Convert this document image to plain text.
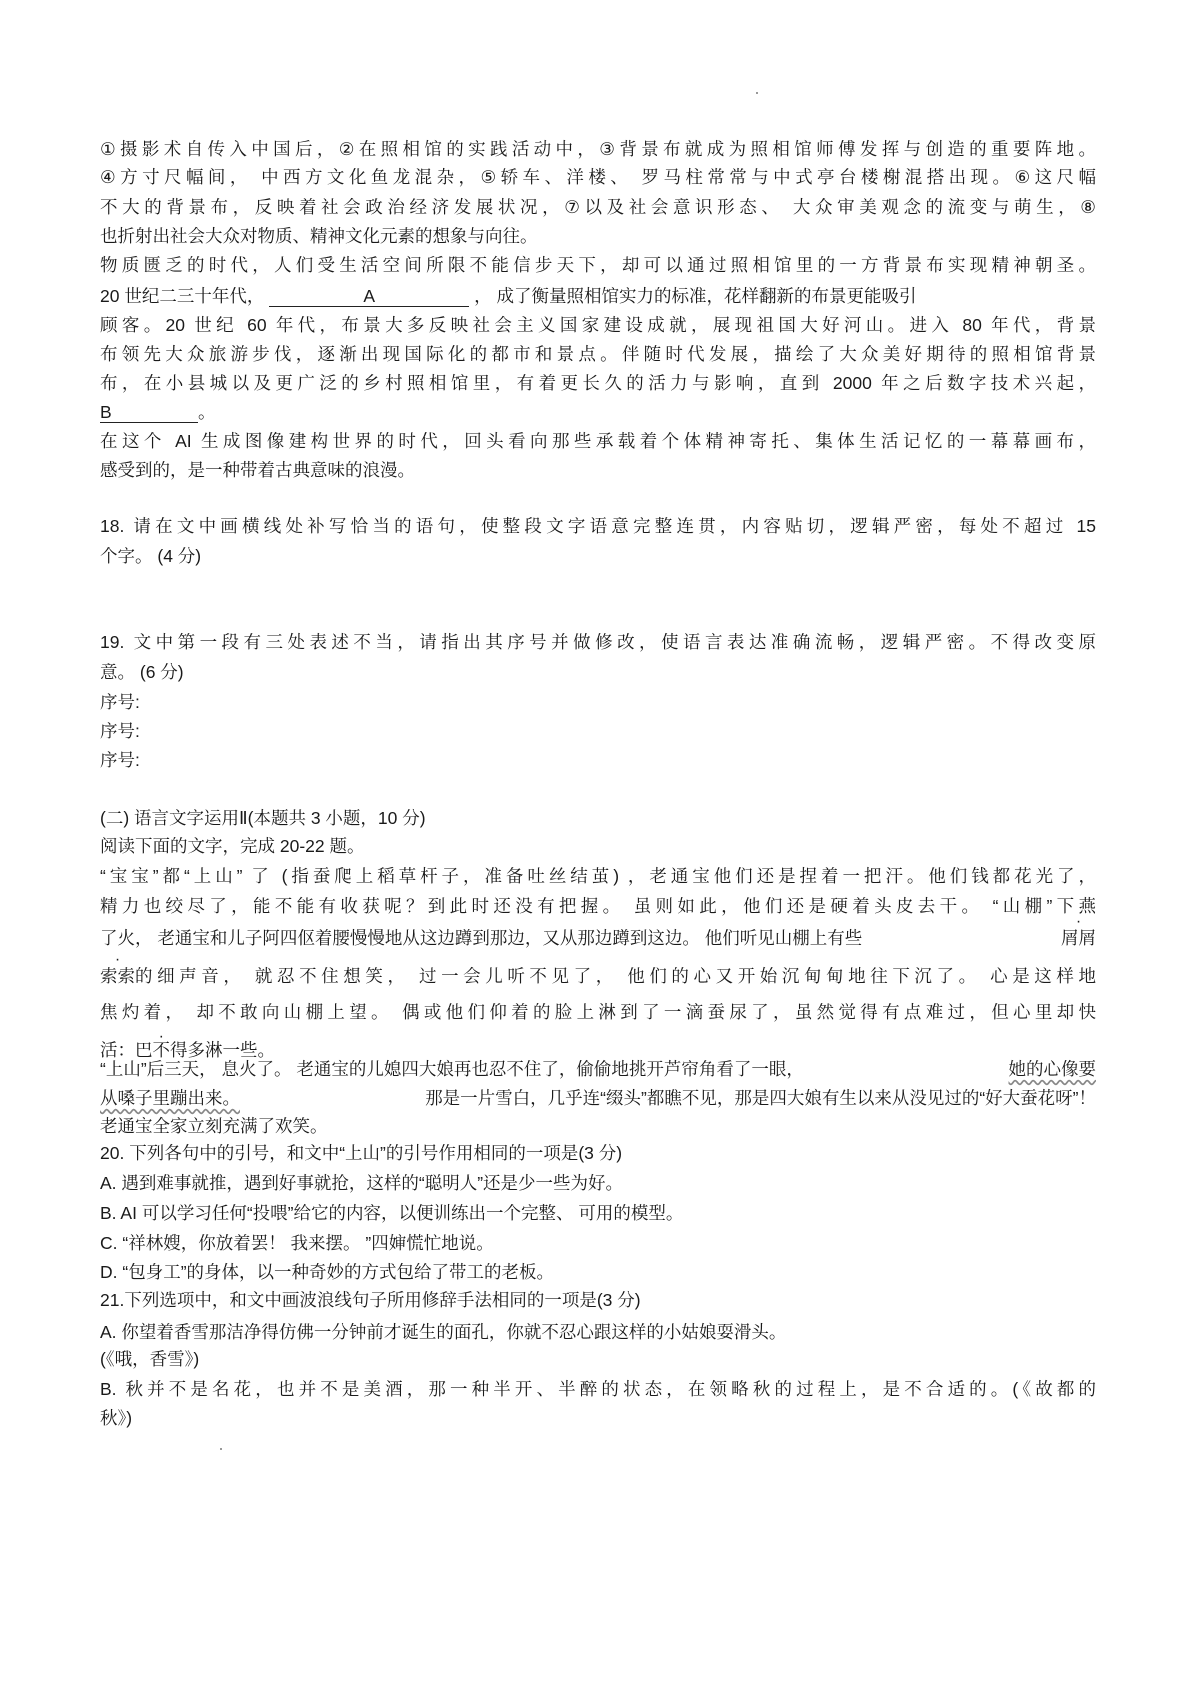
①摄影术自传入中国后，②在照相馆的实践活动中，③背景布就成为照相馆师傅发挥与创造的重要阵地。
④方寸尺幅间， 中西方文化鱼龙混杂，⑤轿车、洋楼、 罗马柱常常与中式亭台楼榭混搭出现。⑥这尺幅
不大的背景布，反映着社会政治经济发展状况，⑦以及社会意识形态、 大众审美观念的流变与萌生，⑧
也折射出社会大众对物质、精神文化元素的想象与向往。
物质匮乏的时代，人们受生活空间所限不能信步天下，却可以通过照相馆里的一方背景布实现精神朝圣。
20 世纪二三十年代，	A	， 成了衡量照相馆实力的标准，花样翻新的布景更能吸引
顾客。20 世纪 60 年代，布景大多反映社会主义国家建设成就，展现祖国大好河山。进入 80 年代，背景
布领先大众旅游步伐，逐渐出现国际化的都市和景点。伴随时代发展，描绘了大众美好期待的照相馆背景
布，在小县城以及更广泛的乡村照相馆里，有着更长久的活力与影响，直到 2000 年之后数字技术兴起，
B	。
在这个 AI 生成图像建构世界的时代，回头看向那些承载着个体精神寄托、集体生活记忆的一幕幕画布，
感受到的，是一种带着古典意味的浪漫。
18. 请在文中画横线处补写恰当的语句，使整段文字语意完整连贯，内容贴切，逻辑严密，每处不超过 15
个字。 (4 分)
19. 文中第一段有三处表述不当，请指出其序号并做修改，使语言表达准确流畅，逻辑严密。不得改变原
意。 (6 分)
序号:
序号:
序号:
(二) 语言文字运用Ⅱ(本题共 3 小题，10 分)
阅读下面的文字，完成 20-22 题。
“宝宝”都“上山” 了 (指蚕爬上稻草杆子，准备吐丝结茧) ，老通宝他们还是捏着一把汗。他们钱都花光了，
精力也绞尽了，能不能有收获呢？到此时还没有把握。 虽则如此，他们还是硬着头皮去干。 “山棚”下燕
了火， 老通宝和儿子阿四伛着腰慢慢地从这边蹲到那边，又从那边蹲到这边。 他们听见山棚上有些	· 屑屑
· 索索 的细声音， 就忍不住想笑， 过一会儿听不见了， 他们的心又开始沉甸甸地往下沉了。 心是这样地
焦灼着， 却不敢向山棚上望。 偶或他们仰着的脸上淋到了一滴蚕尿了，虽然觉得有点难过，但心里却快
活：巴不得多淋一些。
“上山”后三天， 息火了。 老通宝的儿媳四大娘再也忍不住了，偷偷地挑开芦帘角看了一眼，	她的心像要
从嗓子里蹦出来。	那是一片雪白，几乎连“缀头”都瞧不见，那是四大娘有生以来从没见过的“好大蚕花呀”！
老通宝全家立刻充满了欢笑。
20. 下列各句中的引号，和文中“上山”的引号作用相同的一项是(3 分)
A. 遇到难事就推，遇到好事就抢，这样的“聪明人”还是少一些为好。
B. AI 可以学习任何“投喂”给它的内容，以便训练出一个完整、 可用的模型。
C. “祥林嫂，你放着罢！ 我来摆。 ”四婶慌忙地说。
D. “包身工”的身体，以一种奇妙的方式包给了带工的老板。
21.下列选项中，和文中画波浪线句子所用修辞手法相同的一项是(3 分)
A. 你望着香雪那洁净得仿佛一分钟前才诞生的面孔，你就不忍心跟这样的小姑娘耍滑头。
(《哦，香雪》)
B. 秋并不是名花，也并不是美酒，那一种半开、半醉的状态，在领略秋的过程上，是不合适的。(《故都的
秋》)
